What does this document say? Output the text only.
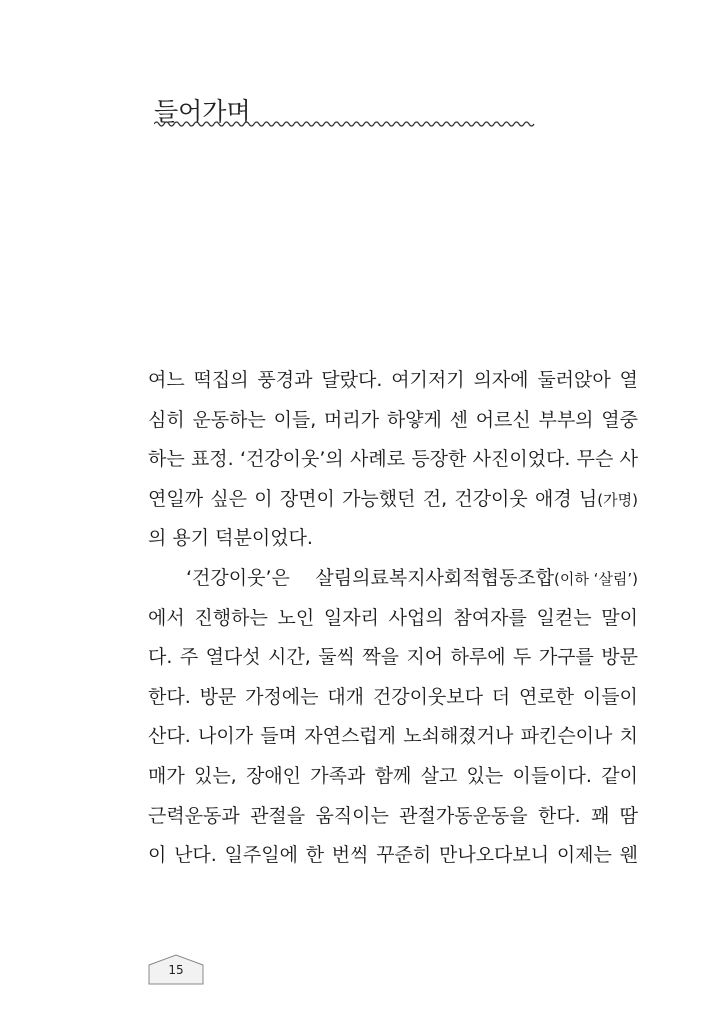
들어가며
여느 떡집의 풍경과 달랐다. 여기저기 의자에 둘러앉아 열
심히 운동하는 이들, 머리가 하얗게 센 어르신 부부의 열중
하는 표정. ‘건강이웃’의 사례로 등장한 사진이었다. 무슨 사
연일까 싶은 이 장면이 가능했던 건, 건강이웃 애경 님(가명)
의 용기 덕분이었다.
‘건강이웃’은 살림의료복지사회적협동조합(이하 ‘살림’)
에서 진행하는 노인 일자리 사업의 참여자를 일컫는 말이
다. 주 열다섯 시간, 둘씩 짝을 지어 하루에 두 가구를 방문
한다. 방문 가정에는 대개 건강이웃보다 더 연로한 이들이
산다. 나이가 들며 자연스럽게 노쇠해졌거나 파킨슨이나 치
매가 있는, 장애인 가족과 함께 살고 있는 이들이다. 같이
근력운동과 관절을 움직이는 관절가동운동을 한다. 꽤 땀
이 난다. 일주일에 한 번씩 꾸준히 만나오다보니 이제는 웬
15
